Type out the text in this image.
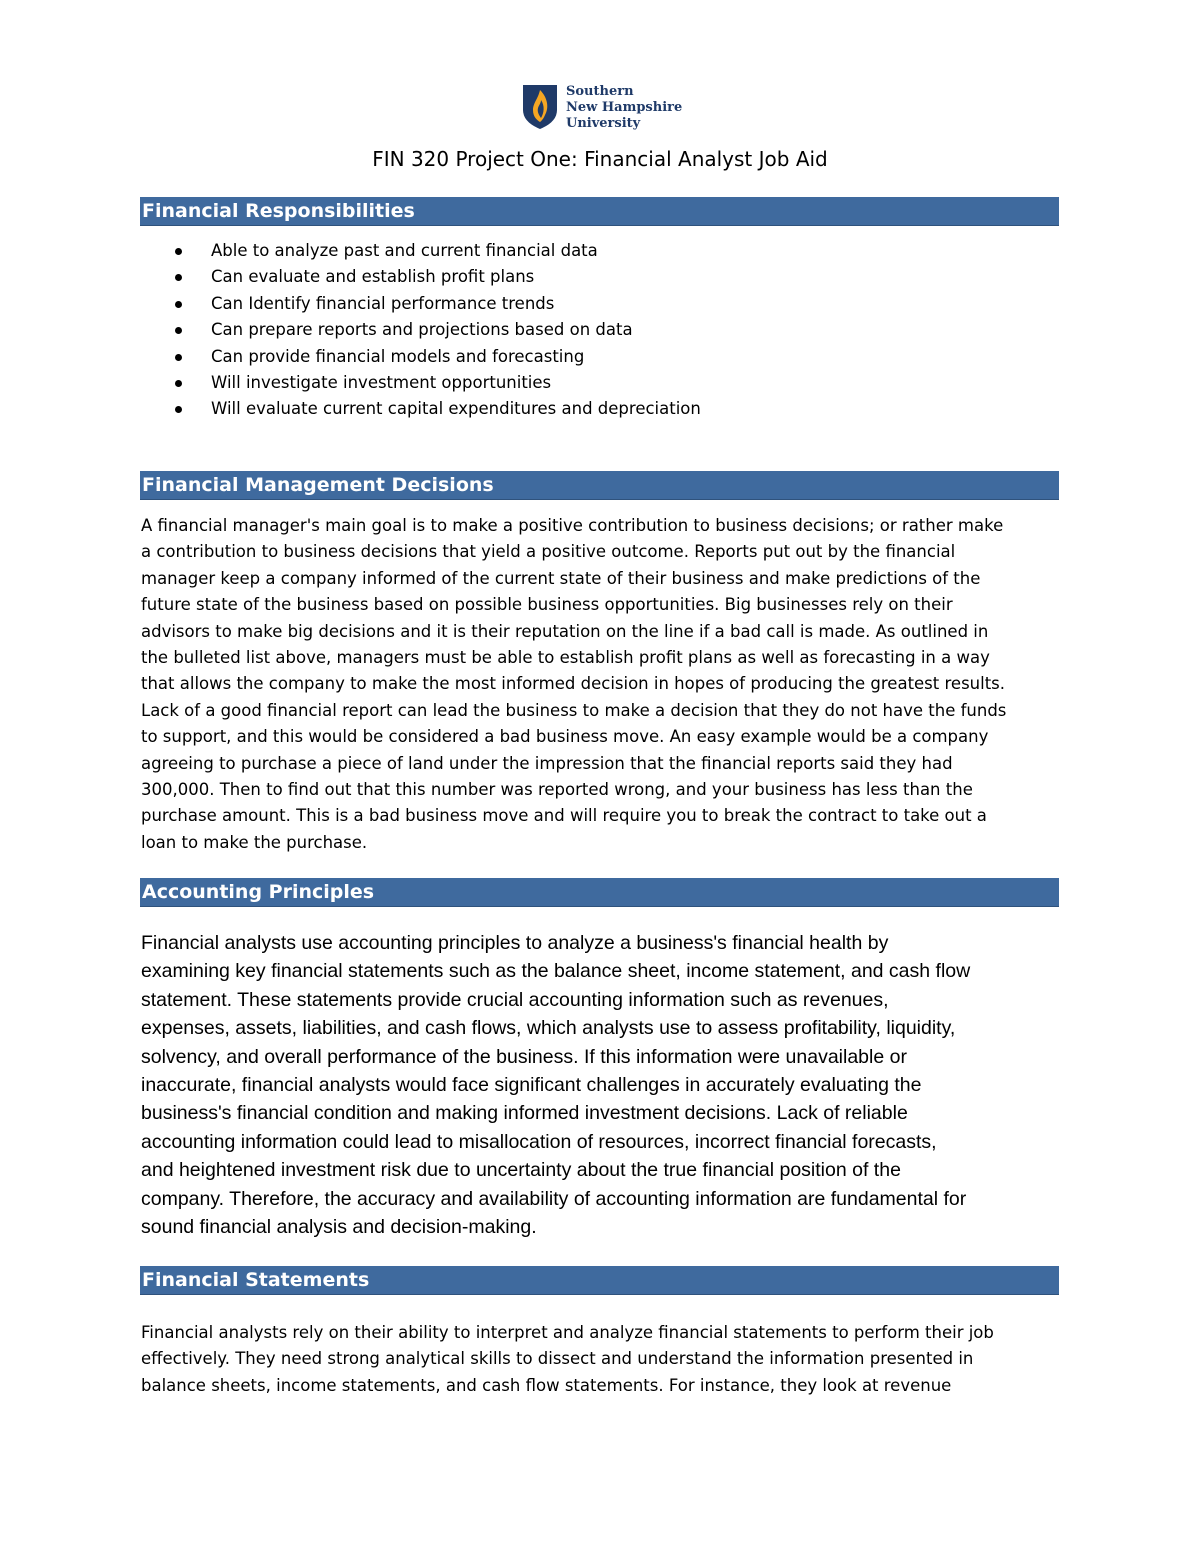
Southern
New Hampshire
University
FIN 320 Project One: Financial Analyst Job Aid
Financial Responsibilities
Able to analyze past and current financial data
Can evaluate and establish profit plans
Can Identify financial performance trends
Can prepare reports and projections based on data
Can provide financial models and forecasting
Will investigate investment opportunities
Will evaluate current capital expenditures and depreciation
Financial Management Decisions
A financial manager's main goal is to make a positive contribution to business decisions; or rather make
a contribution to business decisions that yield a positive outcome. Reports put out by the financial
manager keep a company informed of the current state of their business and make predictions of the
future state of the business based on possible business opportunities. Big businesses rely on their
advisors to make big decisions and it is their reputation on the line if a bad call is made. As outlined in
the bulleted list above, managers must be able to establish profit plans as well as forecasting in a way
that allows the company to make the most informed decision in hopes of producing the greatest results.
Lack of a good financial report can lead the business to make a decision that they do not have the funds
to support, and this would be considered a bad business move. An easy example would be a company
agreeing to purchase a piece of land under the impression that the financial reports said they had
300,000. Then to find out that this number was reported wrong, and your business has less than the
purchase amount. This is a bad business move and will require you to break the contract to take out a
loan to make the purchase.
Accounting Principles
Financial analysts use accounting principles to analyze a business's financial health by
examining key financial statements such as the balance sheet, income statement, and cash flow
statement. These statements provide crucial accounting information such as revenues,
expenses, assets, liabilities, and cash flows, which analysts use to assess profitability, liquidity,
solvency, and overall performance of the business. If this information were unavailable or
inaccurate, financial analysts would face significant challenges in accurately evaluating the
business's financial condition and making informed investment decisions. Lack of reliable
accounting information could lead to misallocation of resources, incorrect financial forecasts,
and heightened investment risk due to uncertainty about the true financial position of the
company. Therefore, the accuracy and availability of accounting information are fundamental for
sound financial analysis and decision-making.
Financial Statements
Financial analysts rely on their ability to interpret and analyze financial statements to perform their job
effectively. They need strong analytical skills to dissect and understand the information presented in
balance sheets, income statements, and cash flow statements. For instance, they look at revenue
